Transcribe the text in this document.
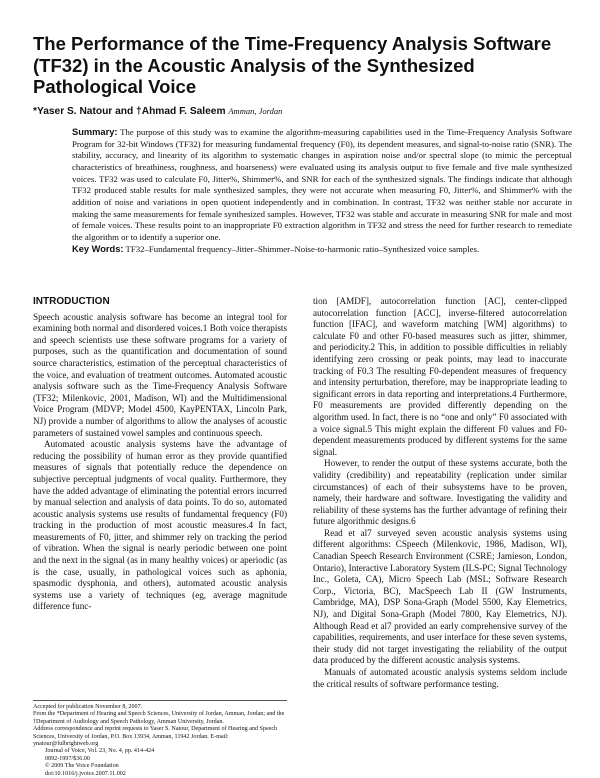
The Performance of the Time-Frequency Analysis Software (TF32) in the Acoustic Analysis of the Synthesized Pathological Voice
*Yaser S. Natour and †Ahmad F. Saleem Amman, Jordan

Summary: The purpose of this study was to examine the algorithm-measuring capabilities used in the Time-Frequency Analysis Software Program for 32-bit Windows (TF32) for measuring fundamental frequency (F0), its dependent measures, and signal-to-noise ratio (SNR). The stability, accuracy, and linearity of its algorithm to systematic changes in aspiration noise and/or spectral slope (to mimic the perceptual characteristics of breathiness, roughness, and hoarseness) were evaluated using its analysis output to five female and five male synthesized voices. TF32 was used to calculate F0, Jitter%, Shimmer%, and SNR for each of the synthesized signals. The findings indicate that although TF32 produced stable results for male synthesized samples, they were not accurate when measuring F0, Jitter%, and Shimmer% with the addition of noise and variations in open quotient independently and in combination. In contrast, TF32 was neither stable nor accurate in making the same measurements for female synthesized samples. However, TF32 was stable and accurate in measuring SNR for male and most of female voices. These results point to an inappropriate F0 extraction algorithm in TF32 and stress the need for further research to remediate the algorithm or to identify a superior one.

Key Words: TF32–Fundamental frequency–Jitter–Shimmer–Noise-to-harmonic ratio–Synthesized voice samples.

INTRODUCTION

Speech acoustic analysis software has become an integral tool for examining both normal and disordered voices.1 Both voice therapists and speech scientists use these software programs for a variety of purposes, such as the quantification and documentation of sound source characteristics, estimation of the perceptual characteristics of the voice, and evaluation of treatment outcomes. Automated acoustic analysis software such as the Time-Frequency Analysis Software (TF32; Milenkovic, 2001, Madison, WI) and the Multidimensional Voice Program (MDVP; Model 4500, KayPENTAX, Lincoln Park, NJ) provide a number of algorithms to allow the analyses of acoustic parameters of sustained vowel samples and continuous speech.

Automated acoustic analysis systems have the advantage of reducing the possibility of human error as they provide quantified measures of signals that potentially reduce the dependence on subjective perceptual judgments of vocal quality. Furthermore, they have the added advantage of eliminating the potential errors incurred by manual selection and analysis of data points. To do so, automated acoustic analysis systems use results of fundamental frequency (F0) tracking in the production of most acoustic measures.4 In fact, measurements of F0, jitter, and shimmer rely on tracking the period of vibration. When the signal is nearly periodic between one point and the next in the signal (as in many healthy voices) or aperiodic (as is the case, usually, in pathological voices such as aphonia, spasmodic dysphonia, and others), automated acoustic analysis systems use a variety of techniques (eg, average magnitude difference func-

Accepted for publication November 8, 2007.
From the *Department of Hearing and Speech Sciences, University of Jordan, Amman, Jordan; and the †Department of Audiology and Speech Pathology, Amman University, Jordan.
Address correspondence and reprint requests to Yaser S. Natour, Department of Hearing and Speech Sciences, University of Jordan, P.O. Box 13934, Amman, 11942 Jordan. E-mail: ynatour@fulbrightweb.org
Journal of Voice, Vol. 23, No. 4, pp. 414-424
0892-1997/$36.00
© 2009 The Voice Foundation
doi:10.1016/j.jvoice.2007.11.002

tion [AMDF], autocorrelation function [AC], center-clipped autocorrelation function [ACC], inverse-filtered autocorrelation function [IFAC], and waveform matching [WM] algorithms) to calculate F0 and other F0-based measures such as jitter, shimmer, and periodicity.2 This, in addition to possible difficulties in reliably identifying zero crossing or peak points, may lead to inaccurate tracking of F0.3 The resulting F0-dependent measures of frequency and intensity perturbation, therefore, may be inappropriate leading to significant errors in data reporting and interpretations.4 Furthermore, F0 measurements are provided differently depending on the algorithm used. In fact, there is no “one and only” F0 associated with a voice signal.5 This might explain the different F0 values and F0-dependent measurements produced by different systems for the same signal.

However, to render the output of these systems accurate, both the validity (credibility) and repeatability (replication under similar circumstances) of each of their subsystems have to be proven, namely, their hardware and software. Investigating the validity and reliability of these systems has the further advantage of refining their future algorithmic designs.6

Read et al7 surveyed seven acoustic analysis systems using different algorithms: CSpeech (Milenkovic, 1986, Madison, WI), Canadian Speech Research Environment (CSRE; Jamieson, London, Ontario), Interactive Laboratory System (ILS-PC; Signal Technology Inc., Goleta, CA), Micro Speech Lab (MSL; Software Research Corp., Victoria, BC), MacSpeech Lab II (GW Instruments, Cambridge, MA), DSP Sona-Graph (Model 5500, Kay Elemetrics, NJ), and Digital Sona-Graph (Model 7800, Kay Elemetrics, NJ). Although Read et al7 provided an early comprehensive survey of the capabilities, requirements, and user interface for these seven systems, their study did not target investigating the reliability of the output data produced by the different acoustic analysis systems.

Manuals of automated acoustic analysis systems seldom include the critical results of software performance testing.
